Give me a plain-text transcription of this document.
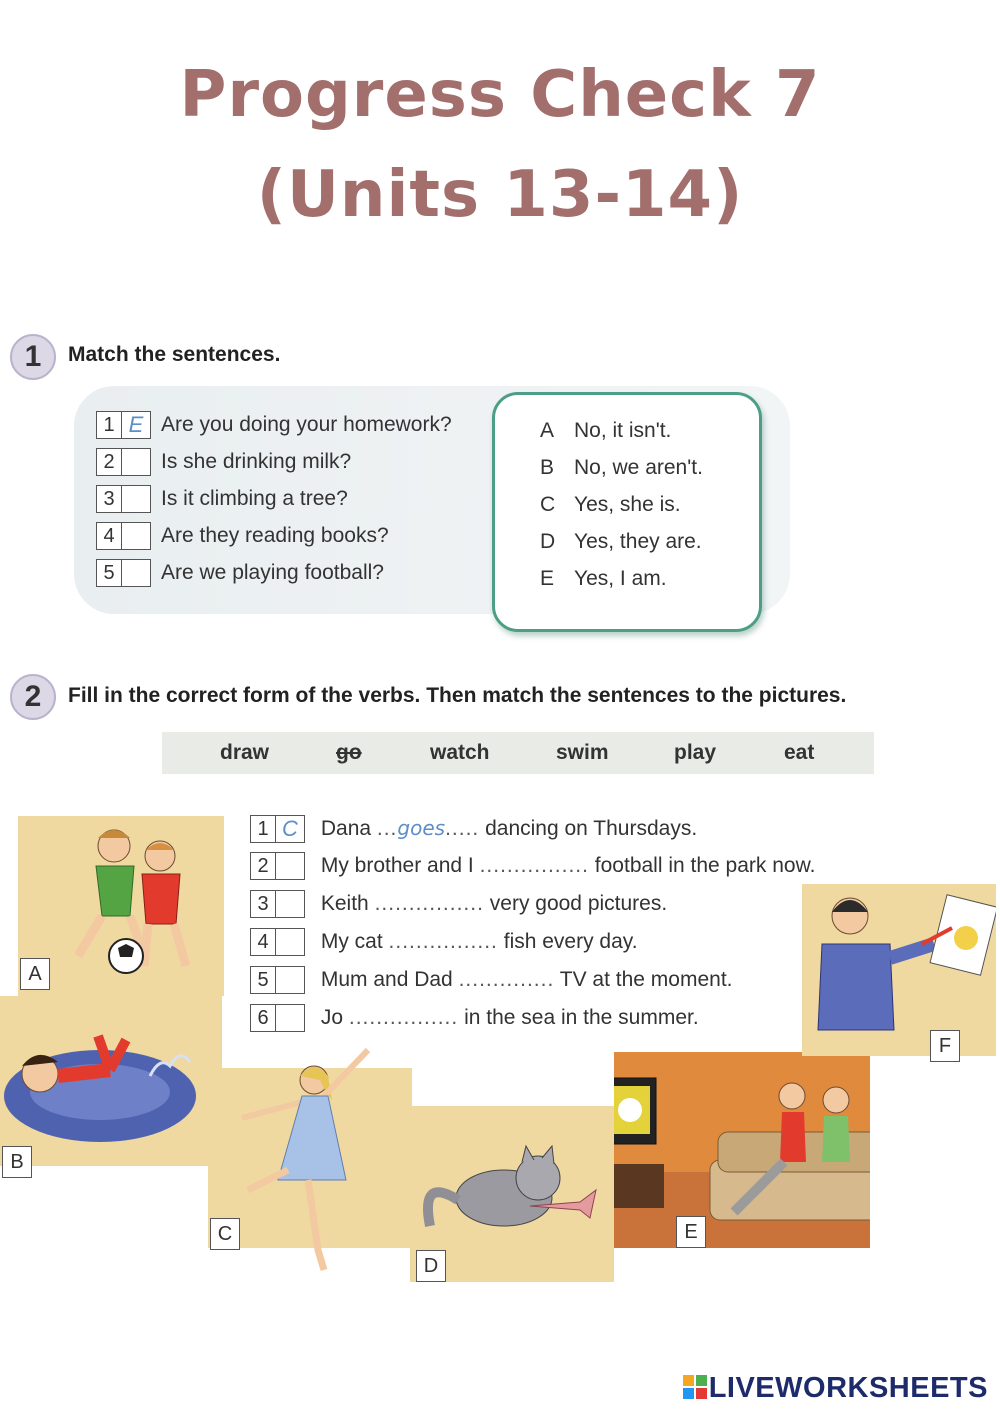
Progress Check 7
(Units 13-14)
1	Match the sentences.
1 E Are you doing your homework?
2 Is she drinking milk?
3 Is it climbing a tree?
4 Are they reading books?
5 Are we playing football?
A No, it isn't.
B No, we aren't.
C Yes, she is.
D Yes, they are.
E Yes, I am.
2	Fill in the correct form of the verbs. Then match the sentences to the pictures.
draw	go	watch	swim	play	eat
A
B
C
D
E
F
1 C Dana ...goes..... dancing on Thursdays.
2 My brother and I ................ football in the park now.
3 Keith ................ very good pictures.
4 My cat ................ fish every day.
5 Mum and Dad .............. TV at the moment.
6 Jo ................ in the sea in the summer.
LIVEWORKSHEETS
